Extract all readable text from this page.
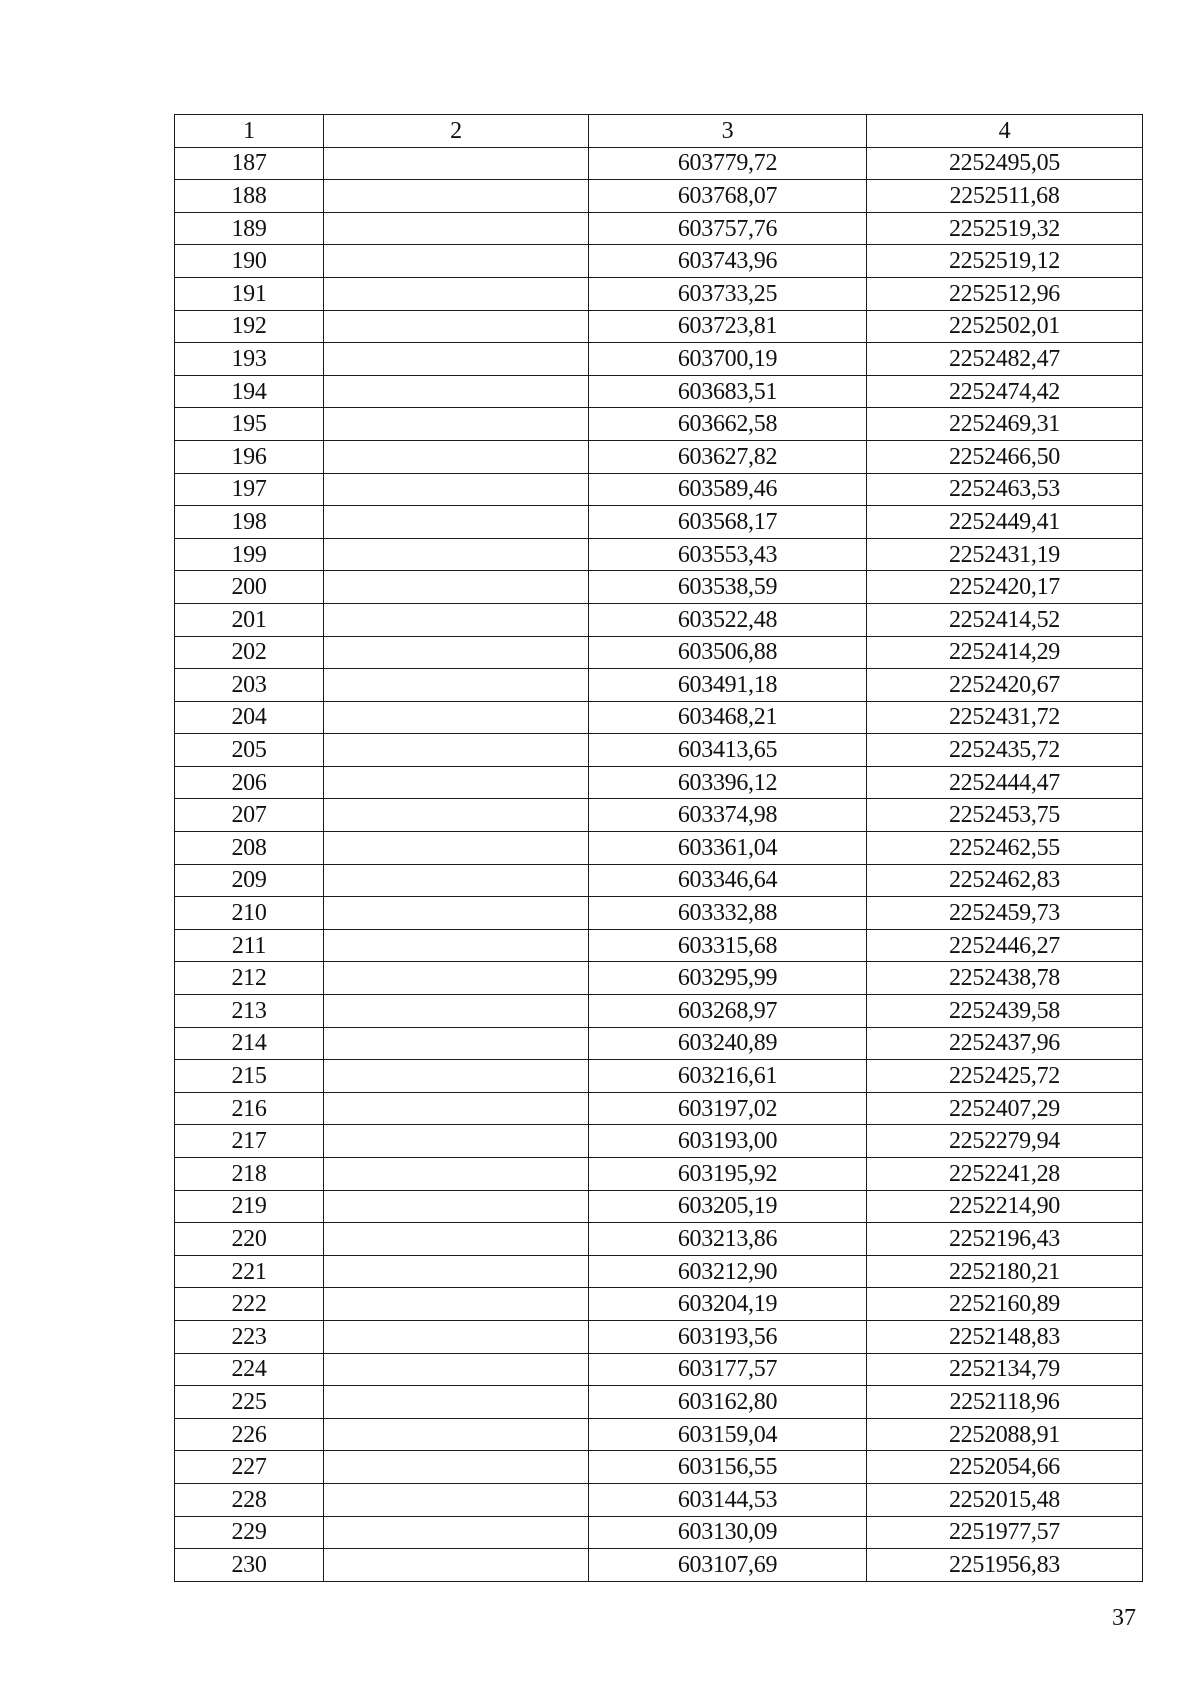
1	2	3	4
187		603779,72	2252495,05
188		603768,07	2252511,68
189		603757,76	2252519,32
190		603743,96	2252519,12
191		603733,25	2252512,96
192		603723,81	2252502,01
193		603700,19	2252482,47
194		603683,51	2252474,42
195		603662,58	2252469,31
196		603627,82	2252466,50
197		603589,46	2252463,53
198		603568,17	2252449,41
199		603553,43	2252431,19
200		603538,59	2252420,17
201		603522,48	2252414,52
202		603506,88	2252414,29
203		603491,18	2252420,67
204		603468,21	2252431,72
205		603413,65	2252435,72
206		603396,12	2252444,47
207		603374,98	2252453,75
208		603361,04	2252462,55
209		603346,64	2252462,83
210		603332,88	2252459,73
211		603315,68	2252446,27
212		603295,99	2252438,78
213		603268,97	2252439,58
214		603240,89	2252437,96
215		603216,61	2252425,72
216		603197,02	2252407,29
217		603193,00	2252279,94
218		603195,92	2252241,28
219		603205,19	2252214,90
220		603213,86	2252196,43
221		603212,90	2252180,21
222		603204,19	2252160,89
223		603193,56	2252148,83
224		603177,57	2252134,79
225		603162,80	2252118,96
226		603159,04	2252088,91
227		603156,55	2252054,66
228		603144,53	2252015,48
229		603130,09	2251977,57
230		603107,69	2251956,83
37
